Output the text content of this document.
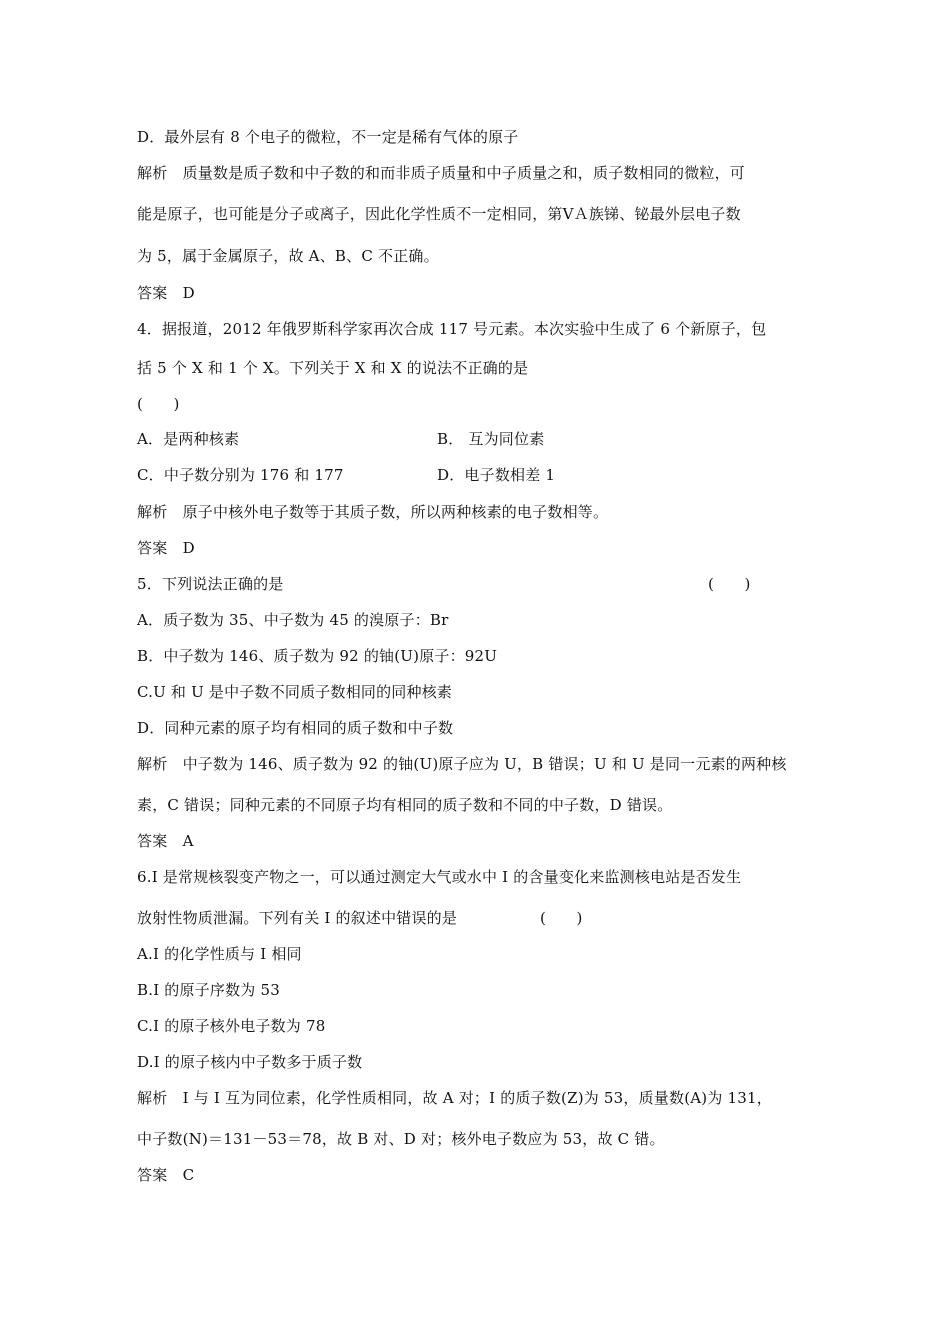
D．最外层有 8 个电子的微粒，不一定是稀有气体的原子
解析　质量数是质子数和中子数的和而非质子质量和中子质量之和，质子数相同的微粒，可
能是原子，也可能是分子或离子，因此化学性质不一定相同，第ⅤＡ族锑、铋最外层电子数
为 5，属于金属原子，故 A、B、C 不正确。
答案　D
4．据报道，2012 年俄罗斯科学家再次合成 117 号元素。本次实验中生成了 6 个新原子，包
括 5 个 X 和 1 个 X。下列关于 X 和 X 的说法不正确的是
(　　)
A．是两种核素	B． 互为同位素
C．中子数分别为 176 和 177	D．电子数相差 1
解析　原子中核外电子数等于其质子数，所以两种核素的电子数相等。
答案　D
5．下列说法正确的是	(　　)
A．质子数为 35、中子数为 45 的溴原子：Br
B．中子数为 146、质子数为 92 的铀(U)原子：92U
C.U 和 U 是中子数不同质子数相同的同种核素
D．同种元素的原子均有相同的质子数和中子数
解析　中子数为 146、质子数为 92 的铀(U)原子应为 U，B 错误；U 和 U 是同一元素的两种核
素，C 错误；同种元素的不同原子均有相同的质子数和不同的中子数，D 错误。
答案　A
6.I 是常规核裂变产物之一，可以通过测定大气或水中 I 的含量变化来监测核电站是否发生
放射性物质泄漏。下列有关 I 的叙述中错误的是	(　　)
A.I 的化学性质与 I 相同
B.I 的原子序数为 53
C.I 的原子核外电子数为 78
D.I 的原子核内中子数多于质子数
解析　I 与 I 互为同位素，化学性质相同，故 A 对；I 的质子数(Z)为 53，质量数(A)为 131，
中子数(N)＝131－53＝78，故 B 对、D 对；核外电子数应为 53，故 C 错。
答案　C
